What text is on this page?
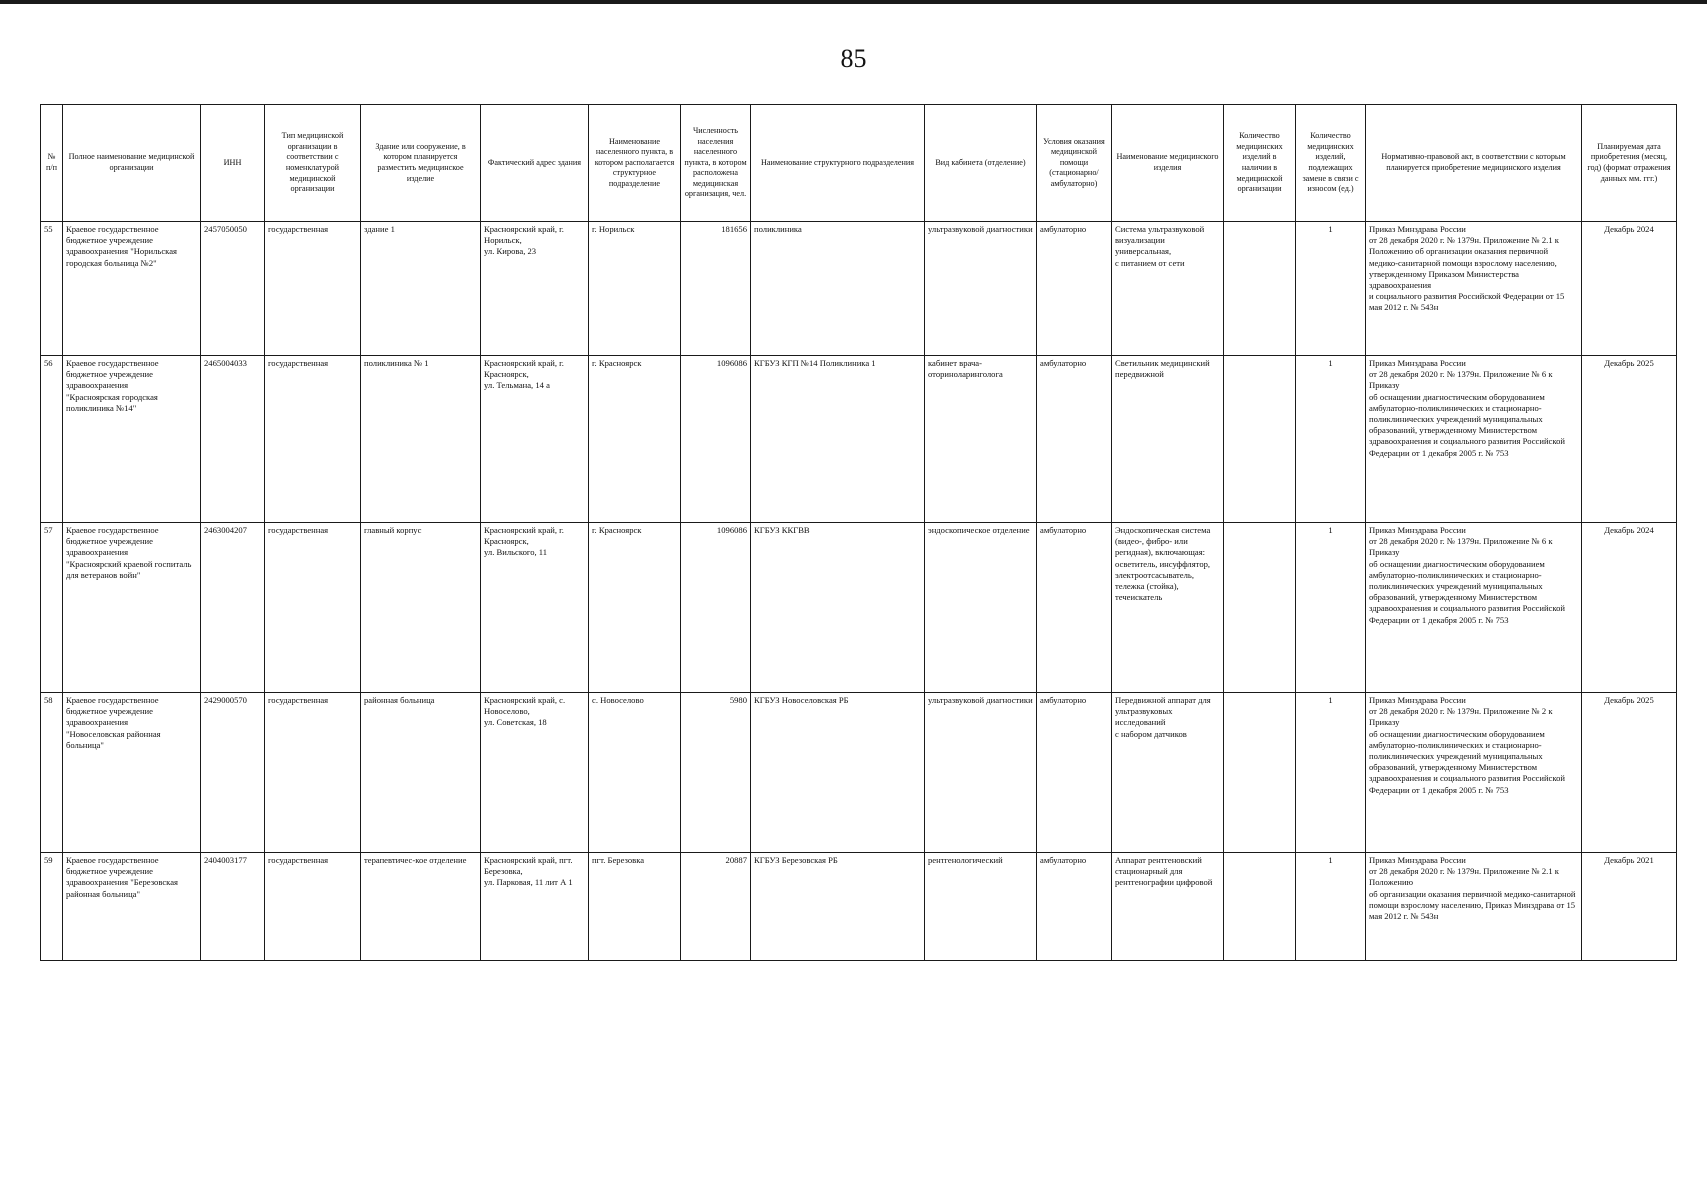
85
№ п/п	Полное наименование медицинской организации	ИНН	Тип медицинской организации в соответствии с номенклатурой медицинской организации	Здание или сооружение, в котором планируется разместить медицинское изделие	Фактический адрес здания	Наименование населенного пункта, в котором располагается структурное подразделение	Численность населения населенного пункта, в котором расположена медицинская организация, чел.	Наименование структурного подразделения	Вид кабинета (отделение)	Условия оказания медицинской помощи (стационарно/ амбулаторно)	Наименование медицинского изделия	Количество медицинских изделий в наличии в медицинской организации	Количество медицинских изделий, подлежащих замене в связи с износом (ед.)	Нормативно-правовой акт, в соответствии с которым планируется приобретение медицинского изделия	Планируемая дата приобретения (месяц, год) (формат отражения данных мм. ггг.)
55	Краевое государственное бюджетное учреждение здравоохранения "Норильская городская больница №2"	2457050050	государственная	здание 1	Красноярский край, г. Норильск,
ул. Кирова, 23	г. Норильск	181656	поликлиника	ультразвуковой диагностики	амбулаторно	Система ультразвуковой визуализации универсальная,
с питанием от сети		1	Приказ Минздрава России
от 28 декабря 2020 г. № 1379н. Приложение № 2.1 к Положению об организации оказания первичной медико-санитарной помощи взрослому населению, утвержденному Приказом Министерства здравоохранения
и социального развития Российской Федерации от 15 мая 2012 г. № 543н	Декабрь 2024
56	Краевое государственное бюджетное учреждение здравоохранения
"Красноярская городская поликлиника №14"	2465004033	государственная	поликлиника № 1	Красноярский край, г. Красноярск,
ул. Тельмана, 14 а	г. Красноярск	1096086	КГБУЗ КГП №14 Поликлиника 1	кабинет врача-оториноларинголога	амбулаторно	Светильник медицинский передвижной		1	Приказ Минздрава России
от 28 декабря 2020 г. № 1379н. Приложение № 6 к Приказу
об оснащении диагностическим оборудованием амбулаторно-поликлинических и стационарно-поликлинических учреждений муниципальных образований, утвержденному Министерством здравоохранения и социального развития Российской Федерации от 1 декабря 2005 г. № 753	Декабрь 2025
57	Краевое государственное бюджетное учреждение здравоохранения
"Красноярский краевой госпиталь для ветеранов войн"	2463004207	государственная	главный корпус	Красноярский край, г. Красноярск,
ул. Вильского, 11	г. Красноярск	1096086	КГБУЗ ККГВВ	эндоскопическое отделение	амбулаторно	Эндоскопическая система (видео-, фибро- или регидная), включающая: осветитель, инсуффлятор, электроотсасыватель, тележка (стойка), течеискатель		1	Приказ Минздрава России
от 28 декабря 2020 г. № 1379н. Приложение № 6 к Приказу
об оснащении диагностическим оборудованием амбулаторно-поликлинических и стационарно-поликлинических учреждений муниципальных образований, утвержденному Министерством здравоохранения и социального развития Российской Федерации от 1 декабря 2005 г. № 753	Декабрь 2024
58	Краевое государственное бюджетное учреждение здравоохранения
"Новоселовская районная больница"	2429000570	государственная	районная больница	Красноярский край, с. Новоселово,
ул. Советская, 18	с. Новоселово	5980	КГБУЗ Новоселовская РБ	ультразвуковой диагностики	амбулаторно	Передвижной аппарат для ультразвуковых исследований
с набором датчиков		1	Приказ Минздрава России
от 28 декабря 2020 г. № 1379н. Приложение № 2 к Приказу
об оснащении диагностическим оборудованием амбулаторно-поликлинических и стационарно-поликлинических учреждений муниципальных образований, утвержденному Министерством здравоохранения и социального развития Российской Федерации от 1 декабря 2005 г. № 753	Декабрь 2025
59	Краевое государственное бюджетное учреждение здравоохранения "Березовская районная больница"	2404003177	государственная	терапевтичес-кое отделение	Красноярский край, пгт. Березовка,
ул. Парковая, 11 лит А 1	пгт. Березовка	20887	КГБУЗ Березовская РБ	рентгенологический	амбулаторно	Аппарат рентгеновский стационарный для рентгенографии цифровой		1	Приказ Минздрава России
от 28 декабря 2020 г. № 1379н. Приложение № 2.1 к Положению
об организации оказания первичной медико-санитарной помощи взрослому населению, Приказ Минздрава от 15 мая 2012 г. № 543н	Декабрь 2021
